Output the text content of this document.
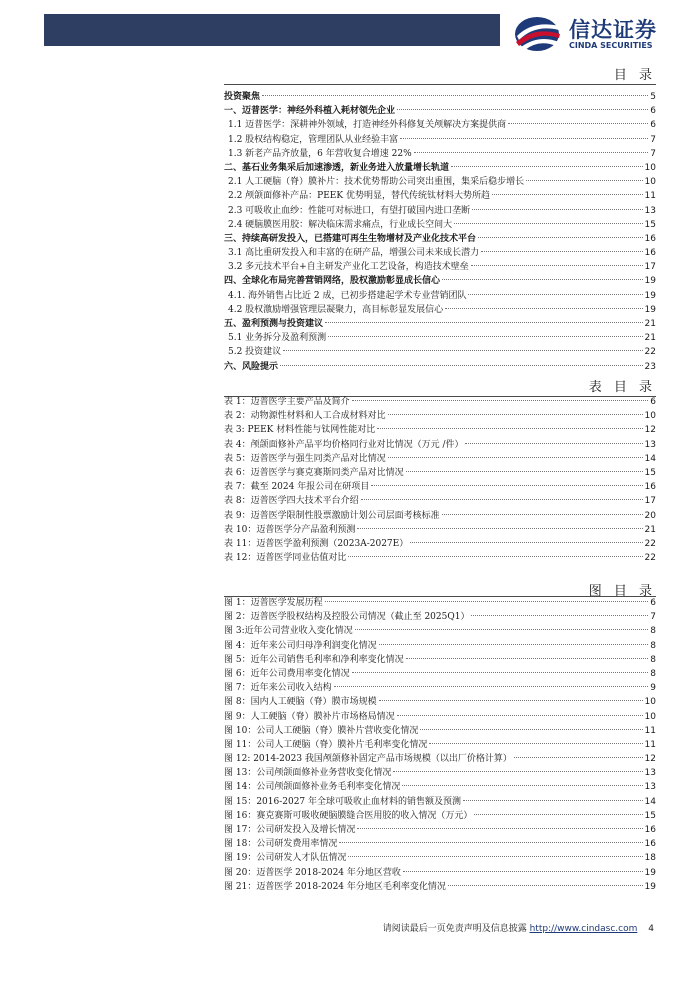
信达证券
CINDA SECURITIES
目 录
投资聚焦	5
一、迈普医学：神经外科植入耗材领先企业	6
1.1 迈普医学：深耕神外领域，打造神经外科修复关颅解决方案提供商	6
1.2 股权结构稳定，管理团队从业经验丰富	7
1.3 新老产品齐放量，6 年营收复合增速 22%	7
二、基石业务集采后加速渗透，新业务进入放量增长轨道	10
2.1 人工硬脑（脊）膜补片：技术优势帮助公司突出重围，集采后稳步增长	10
2.2 颅颌面修补产品：PEEK 优势明显，替代传统钛材料大势所趋	11
2.3 可吸收止血纱：性能可对标进口，有望打破国内进口垄断	13
2.4 硬脑膜医用胶：解决临床需求痛点，行业成长空间大	15
三、持续高研发投入，已搭建可再生生物增材及产业化技术平台	16
3.1 高比重研发投入和丰富的在研产品，增强公司未来成长潜力	16
3.2 多元技术平台+自主研发产业化工艺设备，构造技术壁垒	17
四、全球化布局完善营销网络，股权激励彰显成长信心	19
4.1. 海外销售占比近 2 成，已初步搭建起学术专业营销团队	19
4.2 股权激励增强管理层凝聚力，高目标彰显发展信心	19
五、盈利预测与投资建议	21
5.1 业务拆分及盈利预测	21
5.2 投资建议	22
六、风险提示	23
表 目 录
表 1：迈普医学主要产品及简介	6
表 2：动物源性材料和人工合成材料对比	10
表 3: PEEK 材料性能与钛网性能对比	12
表 4：颅颌面修补产品平均价格同行业对比情况（万元 /件）	13
表 5：迈普医学与强生同类产品对比情况	14
表 6：迈普医学与赛克赛斯同类产品对比情况	15
表 7：截至 2024 年报公司在研项目	16
表 8：迈普医学四大技术平台介绍	17
表 9：迈普医学限制性股票激励计划公司层面考核标准	20
表 10：迈普医学分产品盈利预测	21
表 11：迈普医学盈利预测（2023A-2027E）	22
表 12：迈普医学同业估值对比	22
图 目 录
图 1：迈普医学发展历程	6
图 2：迈普医学股权结构及控股公司情况（截止至 2025Q1）	7
图 3:近年公司营业收入变化情况	8
图 4：近年来公司归母净利润变化情况	8
图 5：近年公司销售毛利率和净利率变化情况	8
图 6：近年公司费用率变化情况	8
图 7：近年来公司收入结构	9
图 8：国内人工硬脑（脊）膜市场规模	10
图 9：人工硬脑（脊）膜补片市场格局情况	10
图 10：公司人工硬脑（脊）膜补片营收变化情况	11
图 11：公司人工硬脑（脊）膜补片毛利率变化情况	11
图 12: 2014-2023 我国颅颌修补固定产品市场规模（以出厂价格计算）	12
图 13：公司颅颌面修补业务营收变化情况	13
图 14：公司颅颌面修补业务毛利率变化情况	13
图 15：2016-2027 年全球可吸收止血材料的销售额及预测	14
图 16：赛克赛斯可吸收硬脑膜缝合医用胶的收入情况（万元）	15
图 17：公司研发投入及增长情况	16
图 18：公司研发费用率情况	16
图 19：公司研发人才队伍情况	18
图 20：迈普医学 2018-2024 年分地区营收	19
图 21：迈普医学 2018-2024 年分地区毛利率变化情况	19
请阅读最后一页免责声明及信息披露 http://www.cindasc.com 4
